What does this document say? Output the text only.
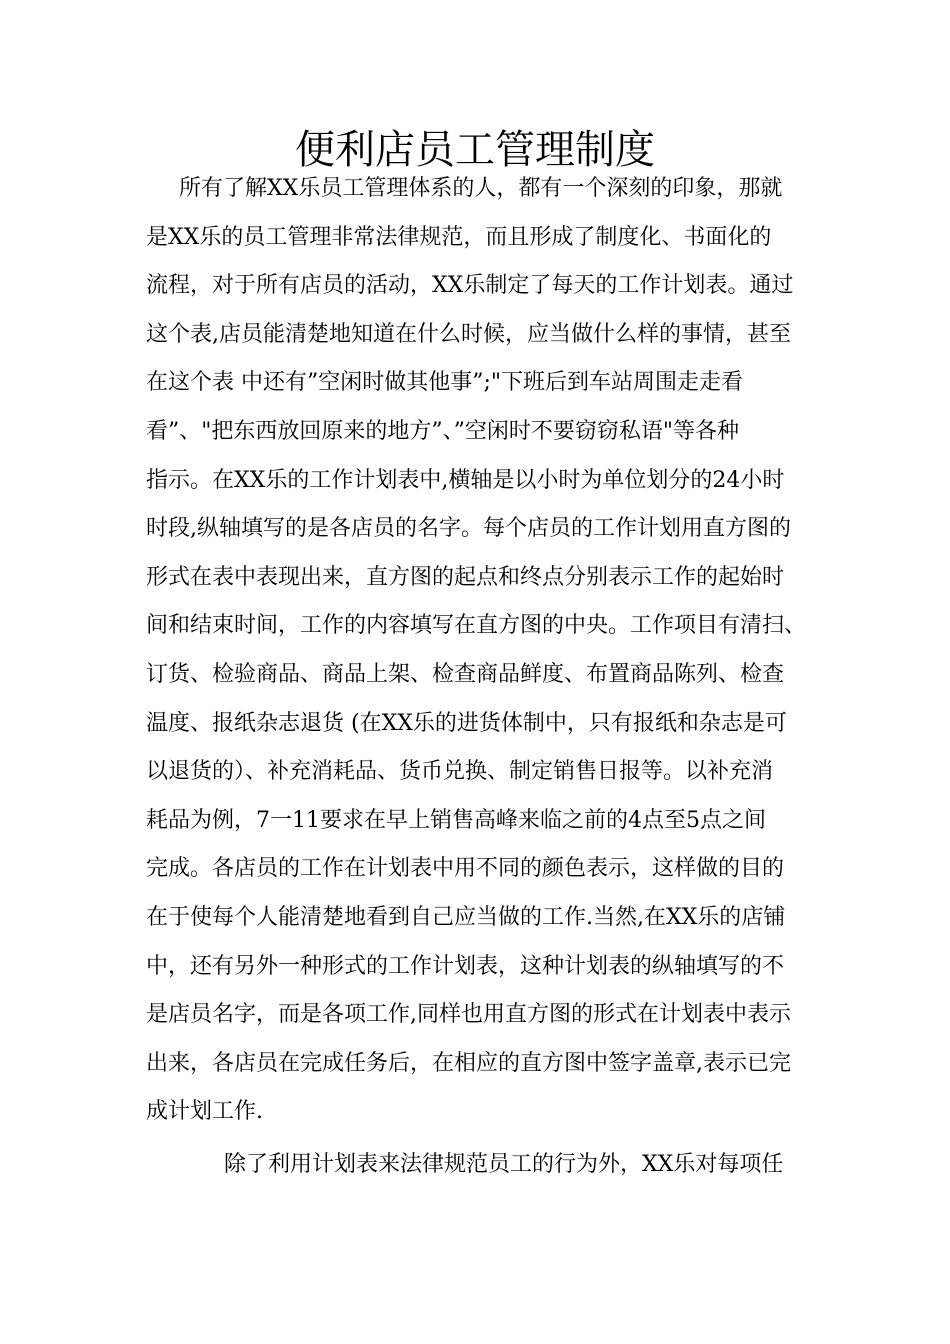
便利店员工管理制度
所有了解XX乐员工管理体系的人，都有一个深刻的印象，那就
是XX乐的员工管理非常法律规范，而且形成了制度化、书面化的
流程，对于所有店员的活动，XX乐制定了每天的工作计划表。通过
这个表,店员能清楚地知道在什么时候，应当做什么样的事情，甚至
在这个表 中还有”空闲时做其他事”;"下班后到车站周围走走看
看”、"把东西放回原来的地方”、”空闲时不要窃窃私语"等各种
指示。在XX乐的工作计划表中,横轴是以小时为单位划分的24小时
时段,纵轴填写的是各店员的名字。每个店员的工作计划用直方图的
形式在表中表现出来，直方图的起点和终点分别表示工作的起始时
间和结束时间，工作的内容填写在直方图的中央。工作项目有清扫、
订货、检验商品、商品上架、检查商品鲜度、布置商品陈列、检查
温度、报纸杂志退货 (在XX乐的进货体制中，只有报纸和杂志是可
以退货的）、补充消耗品、货币兑换、制定销售日报等。以补充消
耗品为例，7一11要求在早上销售高峰来临之前的4点至5点之间
完成。各店员的工作在计划表中用不同的颜色表示，这样做的目的
在于使每个人能清楚地看到自己应当做的工作.当然,在XX乐的店铺
中，还有另外一种形式的工作计划表，这种计划表的纵轴填写的不
是店员名字，而是各项工作,同样也用直方图的形式在计划表中表示
出来，各店员在完成任务后，在相应的直方图中签字盖章,表示已完
成计划工作.
除了利用计划表来法律规范员工的行为外，XX乐对每项任
